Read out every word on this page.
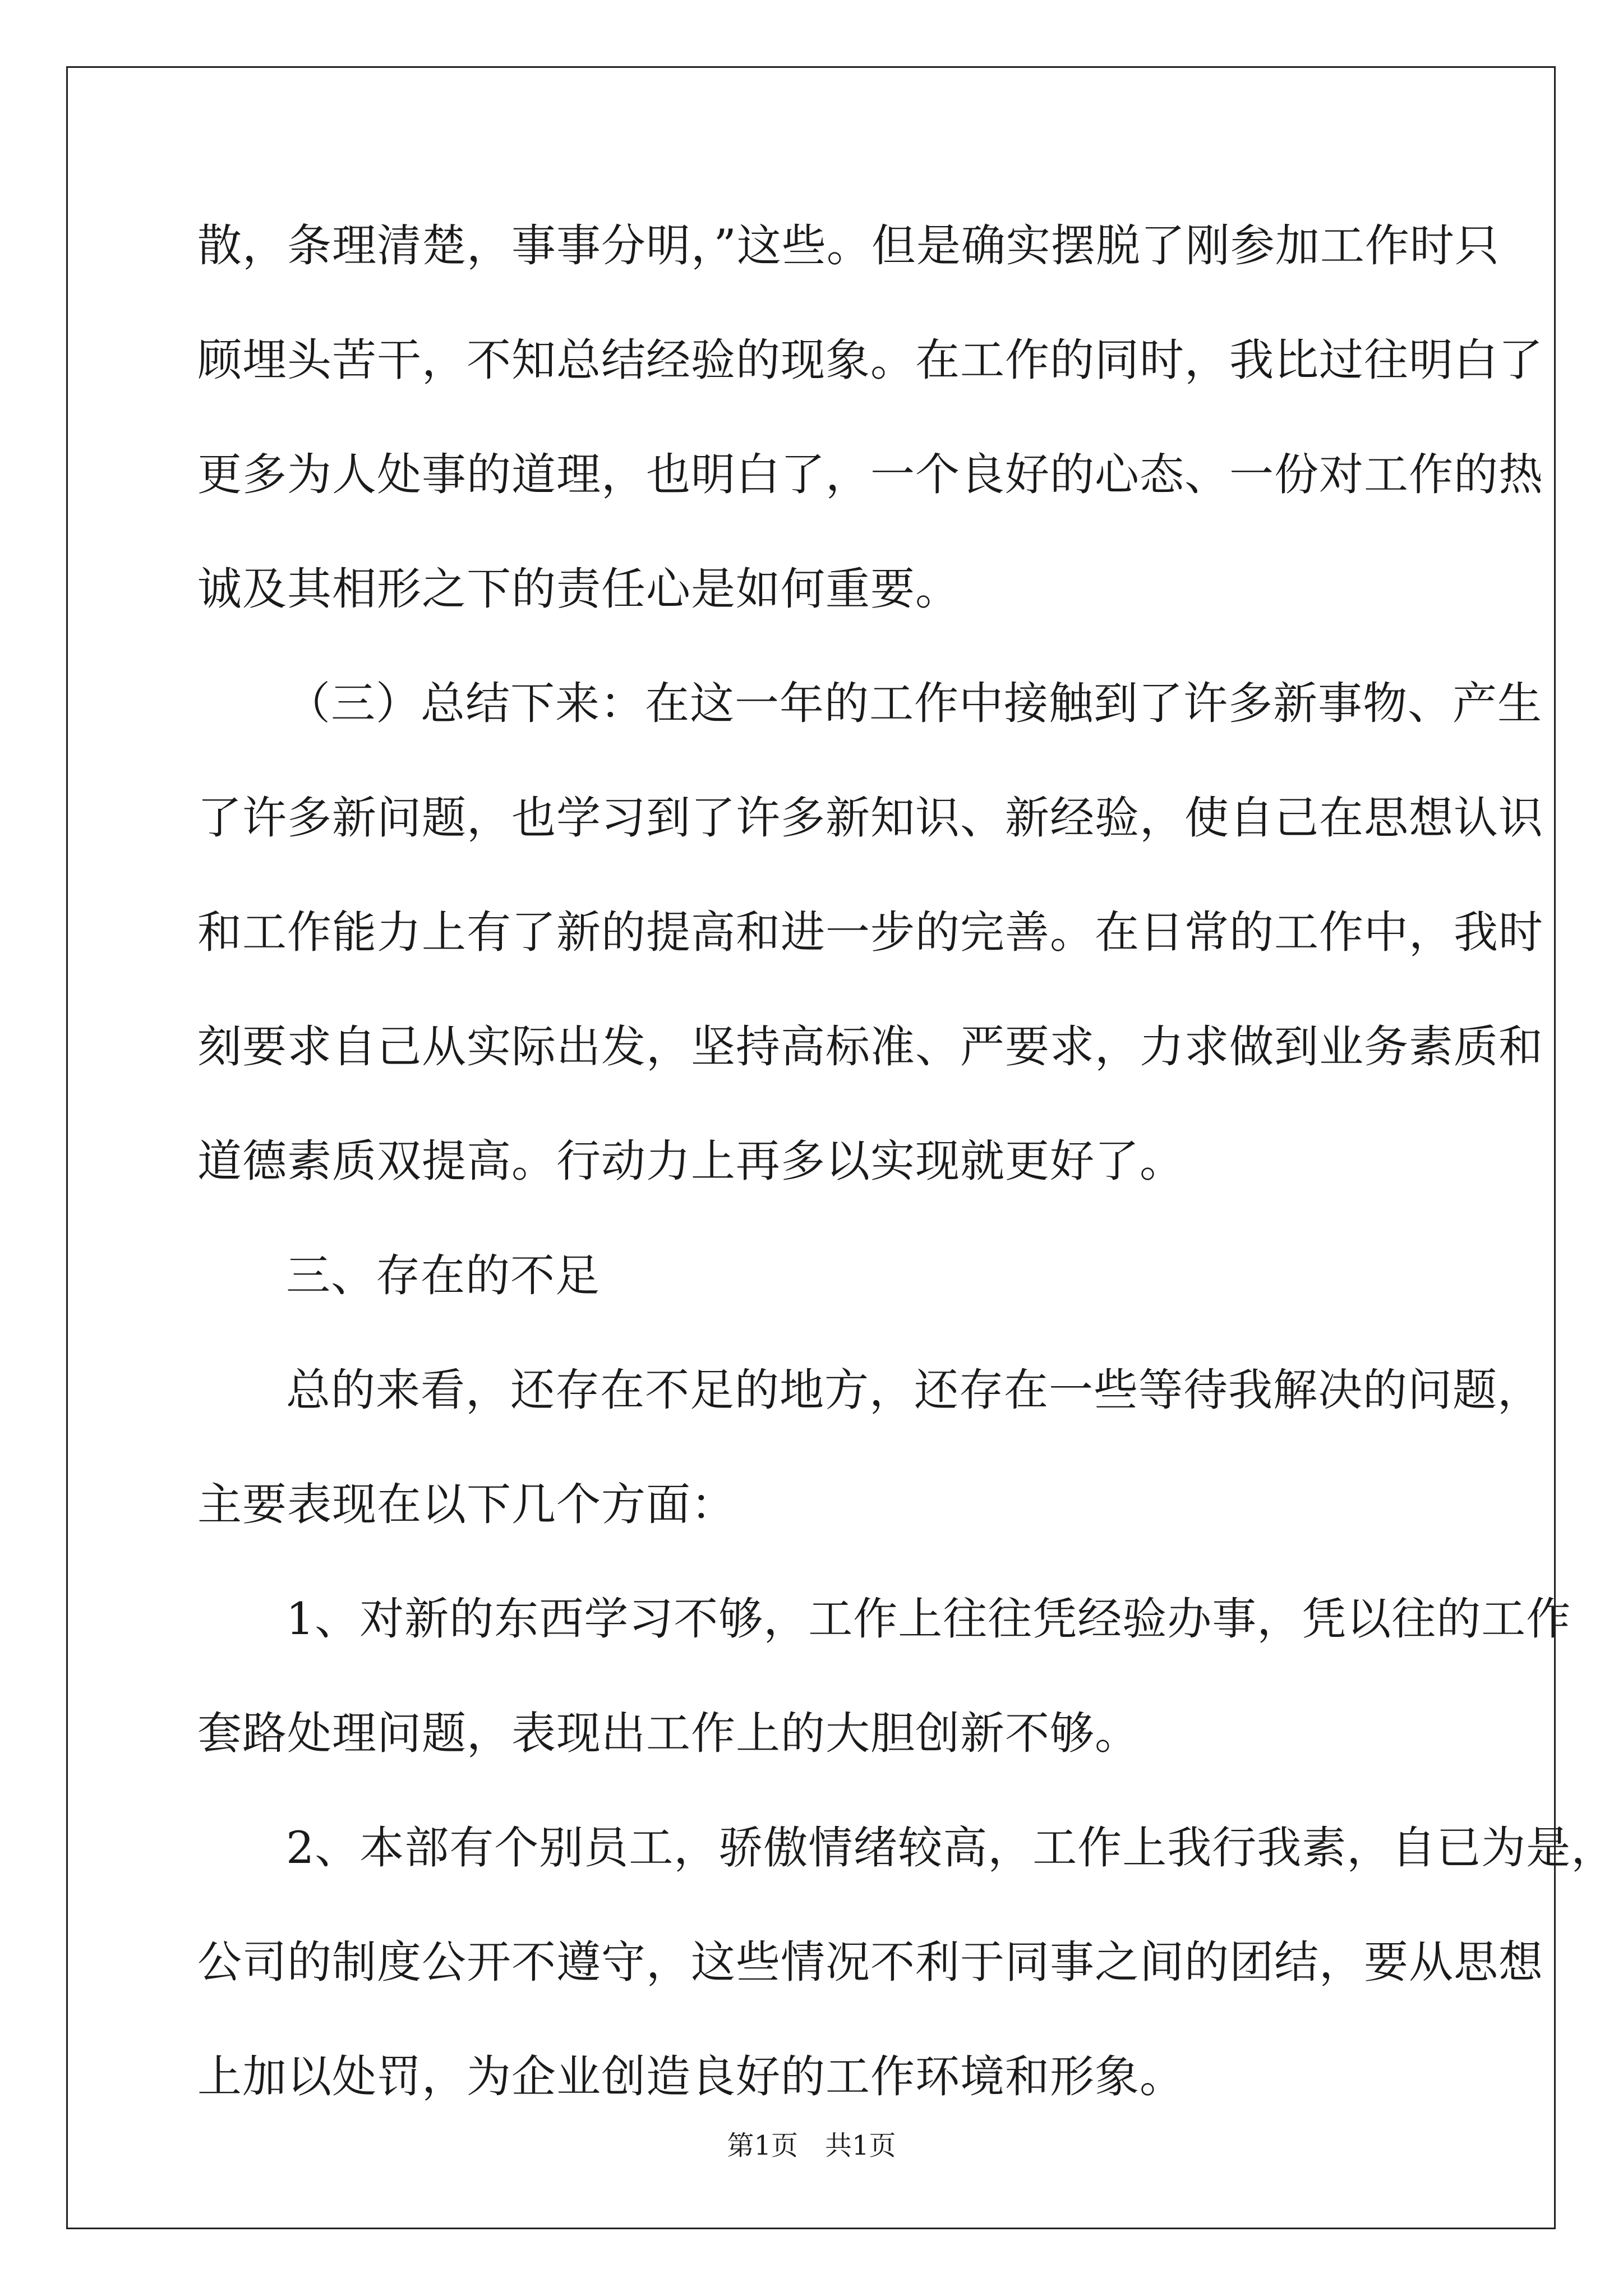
散，条理清楚，事事分明，”这些。但是确实摆脱了刚参加工作时只
顾埋头苦干，不知总结经验的现象。在工作的同时，我比过往明白了
更多为人处事的道理，也明白了，一个良好的心态、一份对工作的热
诚及其相形之下的责任心是如何重要。
（三）总结下来：在这一年的工作中接触到了许多新事物、产生
了许多新问题，也学习到了许多新知识、新经验，使自己在思想认识
和工作能力上有了新的提高和进一步的完善。在日常的工作中，我时
刻要求自己从实际出发，坚持高标准、严要求，力求做到业务素质和
道德素质双提高。行动力上再多以实现就更好了。
三、存在的不足
总的来看，还存在不足的地方，还存在一些等待我解决的问题，
主要表现在以下几个方面：
1、对新的东西学习不够，工作上往往凭经验办事，凭以往的工作
套路处理问题，表现出工作上的大胆创新不够。
2、本部有个别员工，骄傲情绪较高，工作上我行我素，自已为是，
公司的制度公开不遵守，这些情况不利于同事之间的团结，要从思想
上加以处罚，为企业创造良好的工作环境和形象。
第1页　共1页
